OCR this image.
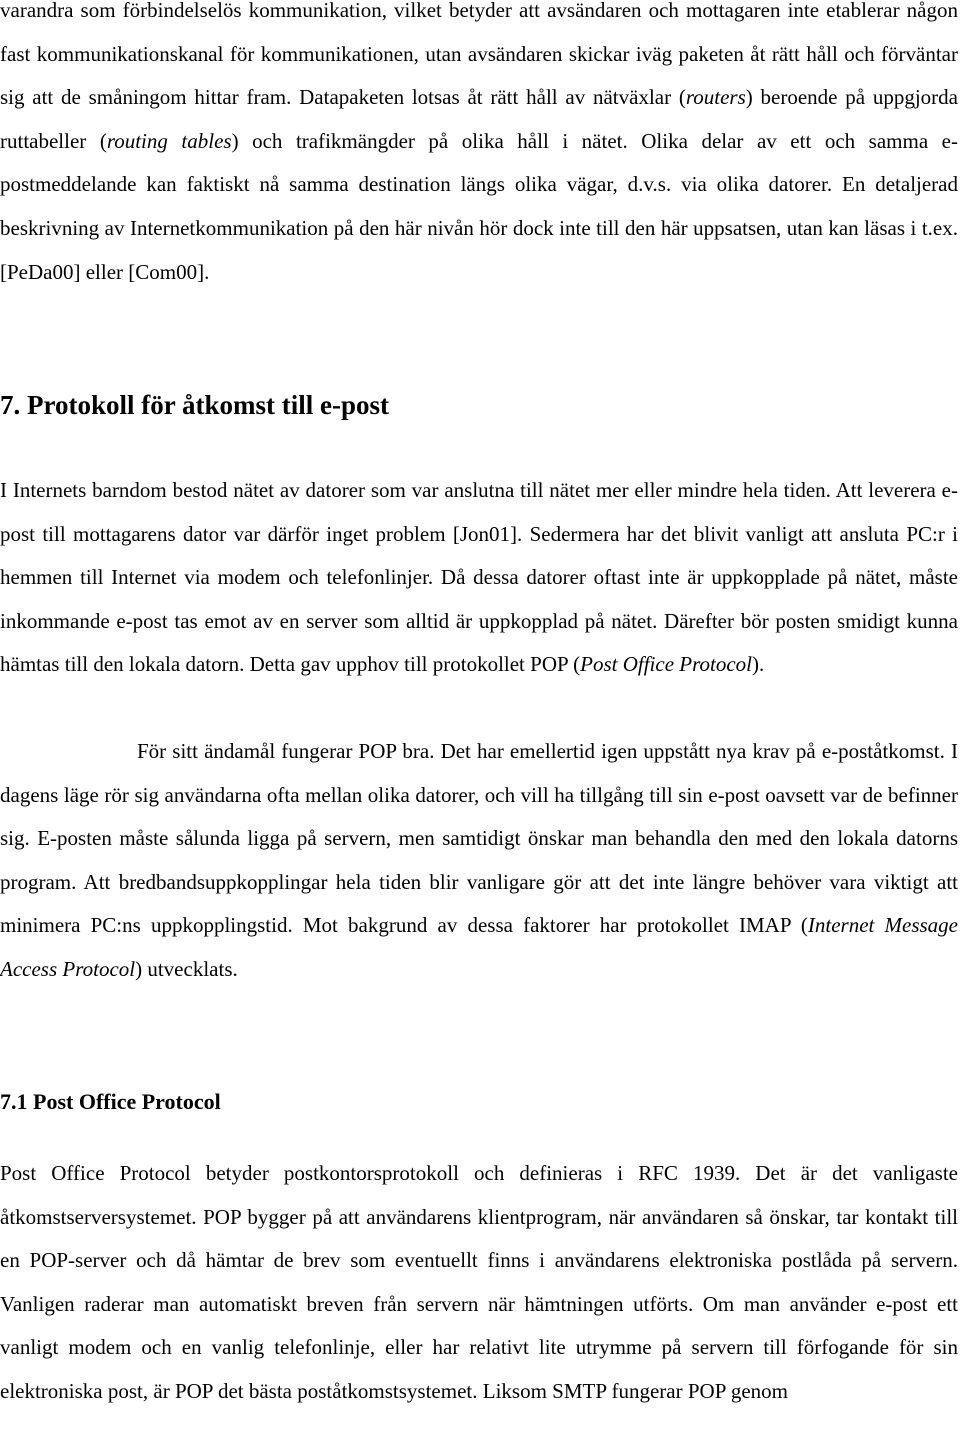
varandra som förbindelselös kommunikation, vilket betyder att avsändaren och mottagaren inte etablerar någon fast kommunikationskanal för kommunikationen, utan avsändaren skickar iväg paketen åt rätt håll och förväntar sig att de småningom hittar fram. Datapaketen lotsas åt rätt håll av nätväxlar (routers) beroende på uppgjorda ruttabeller (routing tables) och trafikmängder på olika håll i nätet. Olika delar av ett och samma e-postmeddelande kan faktiskt nå samma destination längs olika vägar, d.v.s. via olika datorer. En detaljerad beskrivning av Internetkommunikation på den här nivån hör dock inte till den här uppsatsen, utan kan läsas i t.ex. [PeDa00] eller [Com00].

7. Protokoll för åtkomst till e-post

I Internets barndom bestod nätet av datorer som var anslutna till nätet mer eller mindre hela tiden. Att leverera e-post till mottagarens dator var därför inget problem [Jon01]. Sedermera har det blivit vanligt att ansluta PC:r i hemmen till Internet via modem och telefonlinjer. Då dessa datorer oftast inte är uppkopplade på nätet, måste inkommande e-post tas emot av en server som alltid är uppkopplad på nätet. Därefter bör posten smidigt kunna hämtas till den lokala datorn. Detta gav upphov till protokollet POP (Post Office Protocol).

För sitt ändamål fungerar POP bra. Det har emellertid igen uppstått nya krav på e-poståtkomst. I dagens läge rör sig användarna ofta mellan olika datorer, och vill ha tillgång till sin e-post oavsett var de befinner sig. E-posten måste sålunda ligga på servern, men samtidigt önskar man behandla den med den lokala datorns program. Att bredbandsuppkopplingar hela tiden blir vanligare gör att det inte längre behöver vara viktigt att minimera PC:ns uppkopplingstid. Mot bakgrund av dessa faktorer har protokollet IMAP (Internet Message Access Protocol) utvecklats.

7.1 Post Office Protocol

Post Office Protocol betyder postkontorsprotokoll och definieras i RFC 1939. Det är det vanligaste åtkomstserversystemet. POP bygger på att användarens klientprogram, när användaren så önskar, tar kontakt till en POP-server och då hämtar de brev som eventuellt finns i användarens elektroniska postlåda på servern. Vanligen raderar man automatiskt breven från servern när hämtningen utförts. Om man använder e-post ett vanligt modem och en vanlig telefonlinje, eller har relativt lite utrymme på servern till förfogande för sin elektroniska post, är POP det bästa poståtkomstsystemet. Liksom SMTP fungerar POP genom
